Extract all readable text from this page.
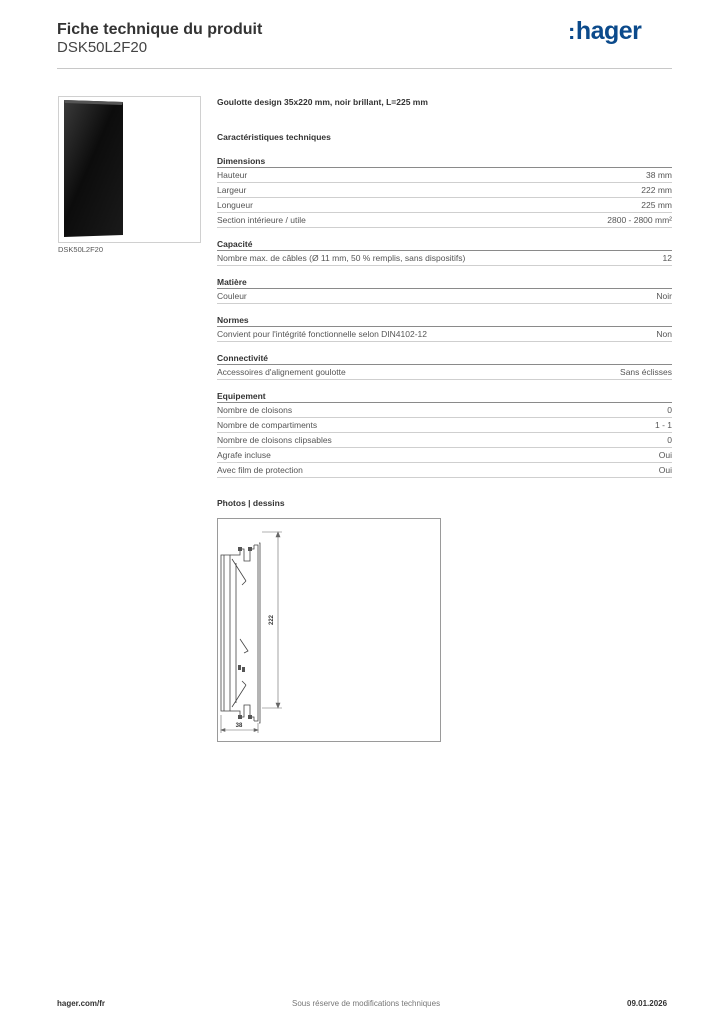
Fiche technique du produit
DSK50L2F20
:hager
DSK50L2F20
Goulotte design 35x220 mm, noir brillant, L=225 mm
Caractéristiques techniques
Dimensions
Hauteur	38 mm
Largeur	222 mm
Longueur	225 mm
Section intérieure / utile	2800 - 2800 mm²
Capacité
Nombre max. de câbles (Ø 11 mm, 50 % remplis, sans dispositifs)	12
Matière
Couleur	Noir
Normes
Convient pour l'intégrité fonctionnelle selon DIN4102-12	Non
Connectivité
Accessoires d'alignement goulotte	Sans éclisses
Equipement
Nombre de cloisons	0
Nombre de compartiments	1 - 1
Nombre de cloisons clipsables	0
Agrafe incluse	Oui
Avec film de protection	Oui
Photos | dessins
222
38
hager.com/fr	Sous réserve de modifications techniques	09.01.2026
